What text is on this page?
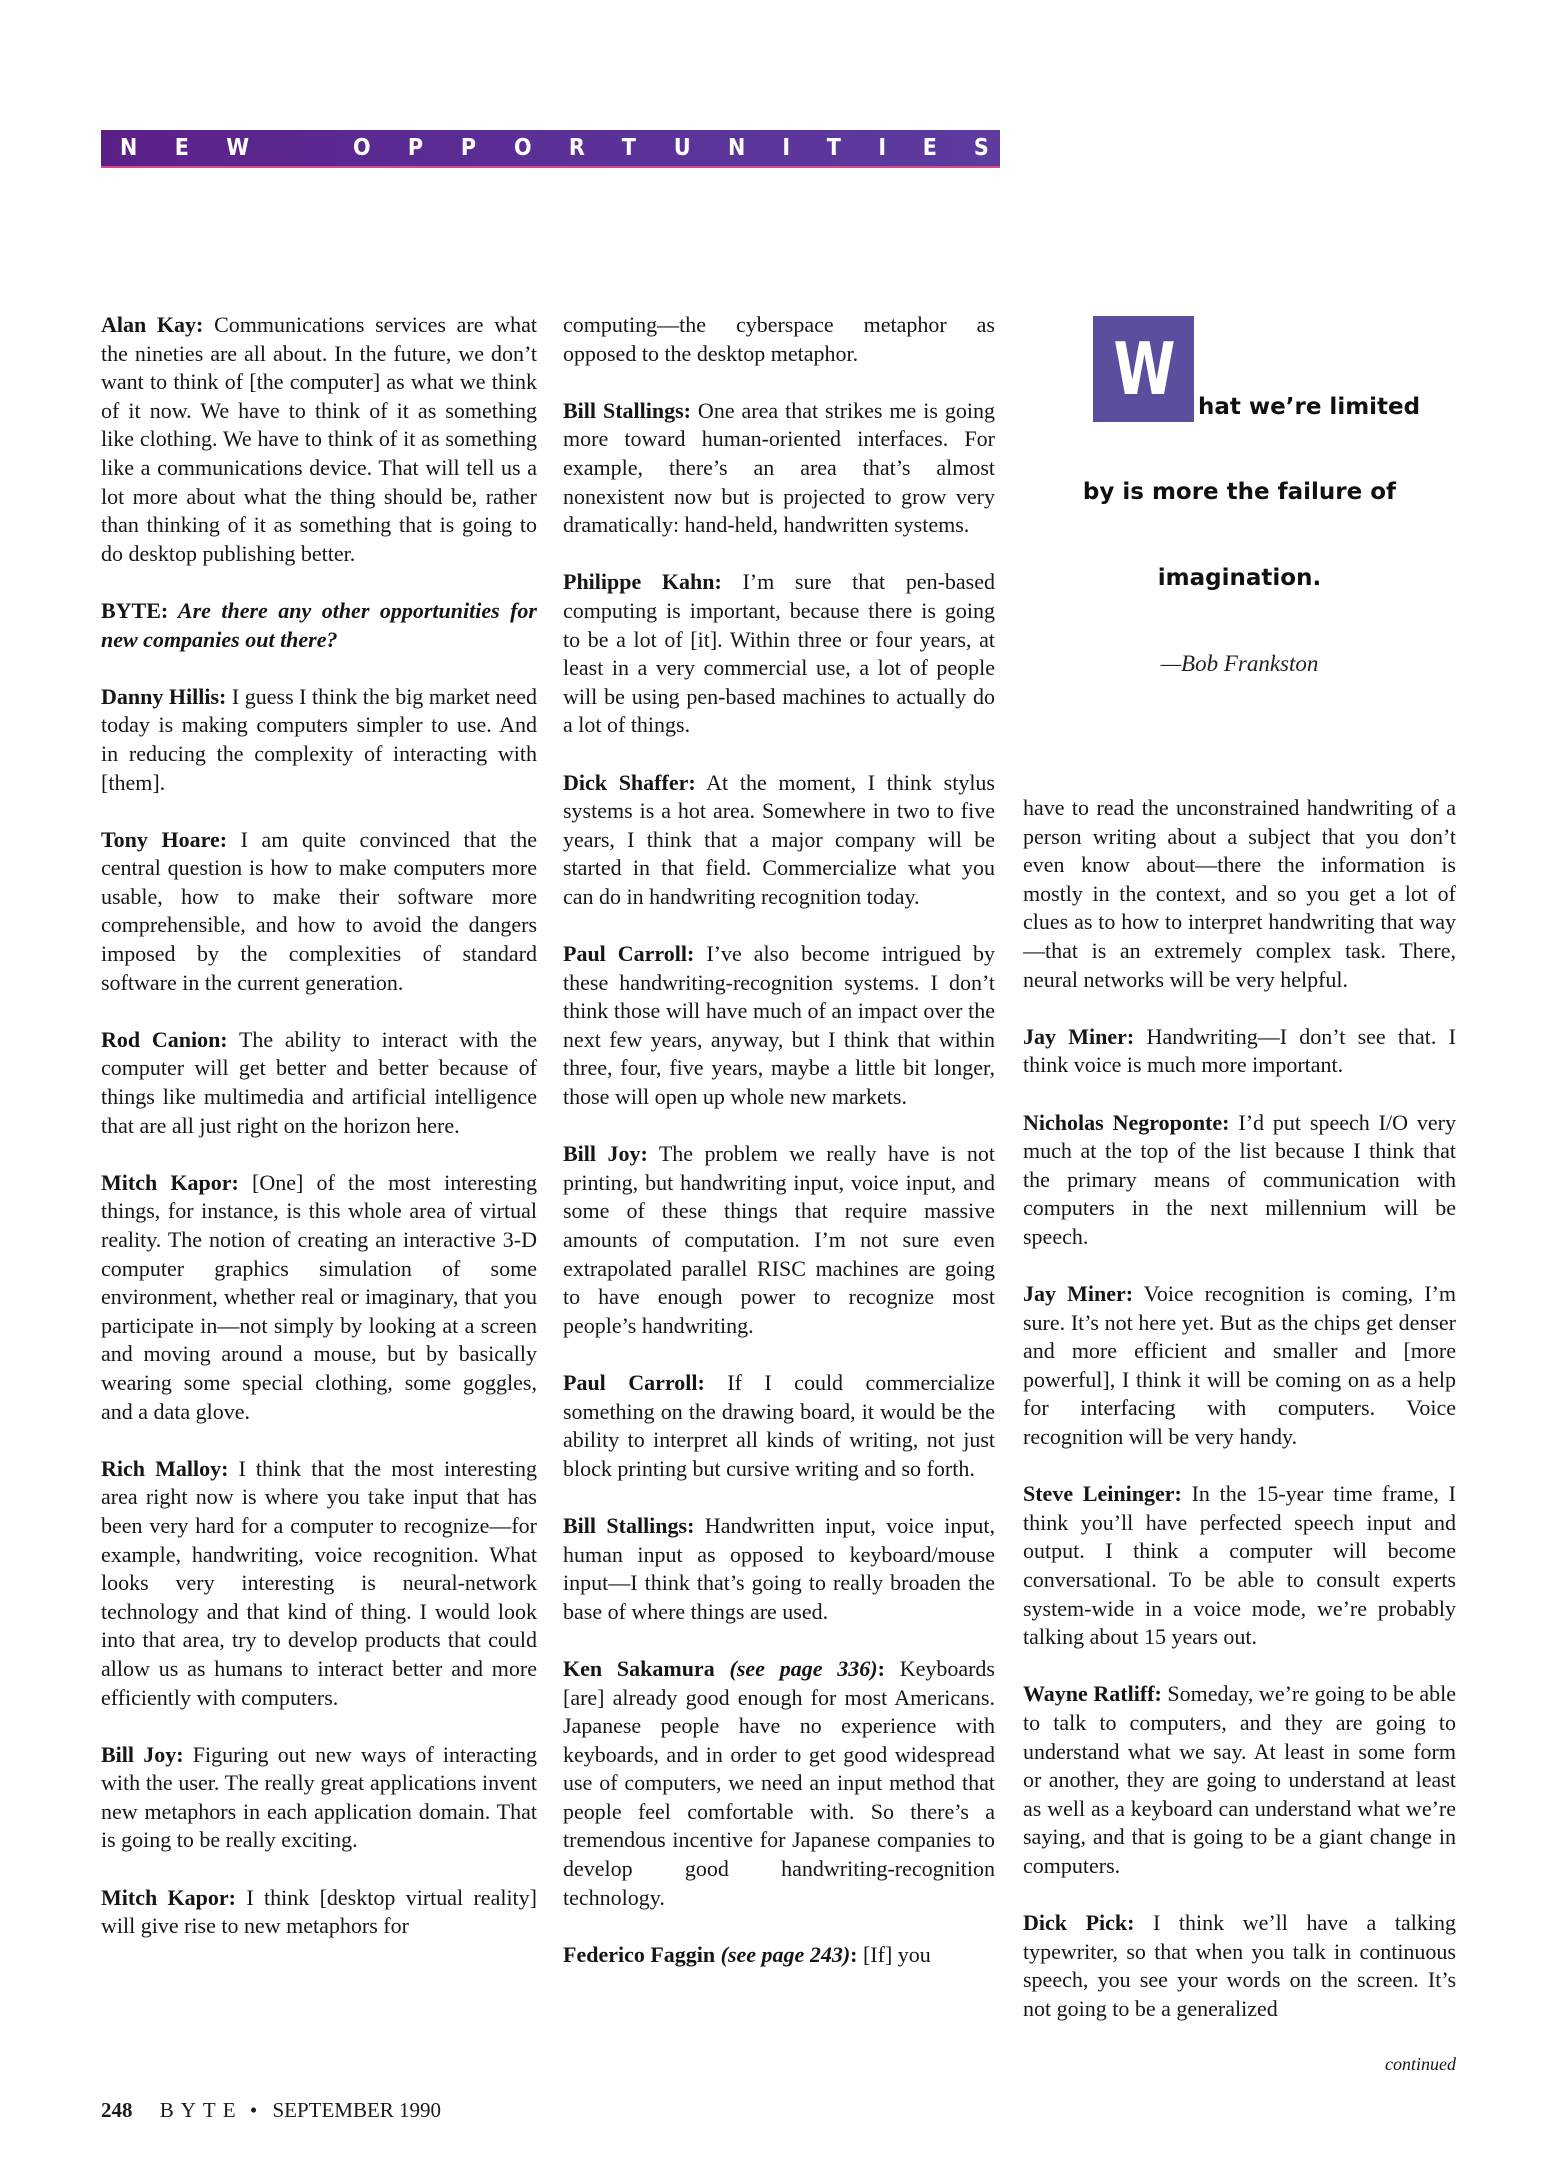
N E W	O P P O R T U N I T I E S
W	hat we’re limited
by is more the failure of
imagination.
—Bob Frankston

Alan Kay: Communications services are what the nineties are all about. In the future, we don’t want to think of [the computer] as what we think of it now. We have to think of it as something like clothing. We have to think of it as something like a communications device. That will tell us a lot more about what the thing should be, rather than thinking of it as something that is going to do desktop publishing better.

BYTE: Are there any other opportunities for new companies out there?

Danny Hillis: I guess I think the big market need today is making computers simpler to use. And in reducing the complexity of interacting with [them].

Tony Hoare: I am quite convinced that the central question is how to make computers more usable, how to make their software more comprehensible, and how to avoid the dangers imposed by the complexities of standard software in the current generation.

Rod Canion: The ability to interact with the computer will get better and better because of things like multimedia and artificial intelligence that are all just right on the horizon here.

Mitch Kapor: [One] of the most interesting things, for instance, is this whole area of virtual reality. The notion of creating an interactive 3-D computer graphics simulation of some environment, whether real or imaginary, that you participate in—not simply by looking at a screen and moving around a mouse, but by basically wearing some special clothing, some goggles, and a data glove.

Rich Malloy: I think that the most interesting area right now is where you take input that has been very hard for a computer to recognize—for example, handwriting, voice recognition. What looks very interesting is neural-network technology and that kind of thing. I would look into that area, try to develop products that could allow us as humans to interact better and more efficiently with computers.

Bill Joy: Figuring out new ways of interacting with the user. The really great applications invent new metaphors in each application domain. That is going to be really exciting.

Mitch Kapor: I think [desktop virtual reality] will give rise to new metaphors for

computing—the cyberspace metaphor as opposed to the desktop metaphor.

Bill Stallings: One area that strikes me is going more toward human-oriented interfaces. For example, there’s an area that’s almost nonexistent now but is projected to grow very dramatically: hand-held, handwritten systems.

Philippe Kahn: I’m sure that pen-based computing is important, because there is going to be a lot of [it]. Within three or four years, at least in a very commercial use, a lot of people will be using pen-based machines to actually do a lot of things.

Dick Shaffer: At the moment, I think stylus systems is a hot area. Somewhere in two to five years, I think that a major company will be started in that field. Commercialize what you can do in handwriting recognition today.

Paul Carroll: I’ve also become intrigued by these handwriting-recognition systems. I don’t think those will have much of an impact over the next few years, anyway, but I think that within three, four, five years, maybe a little bit longer, those will open up whole new markets.

Bill Joy: The problem we really have is not printing, but handwriting input, voice input, and some of these things that require massive amounts of computation. I’m not sure even extrapolated parallel RISC machines are going to have enough power to recognize most people’s handwriting.

Paul Carroll: If I could commercialize something on the drawing board, it would be the ability to interpret all kinds of writing, not just block printing but cursive writing and so forth.

Bill Stallings: Handwritten input, voice input, human input as opposed to keyboard/mouse input—I think that’s going to really broaden the base of where things are used.

Ken Sakamura (see page 336): Keyboards [are] already good enough for most Americans. Japanese people have no experience with keyboards, and in order to get good widespread use of computers, we need an input method that people feel comfortable with. So there’s a tremendous incentive for Japanese companies to develop good handwriting-recognition technology.

Federico Faggin (see page 243): [If] you

have to read the unconstrained handwriting of a person writing about a subject that you don’t even know about—there the information is mostly in the context, and so you get a lot of clues as to how to interpret handwriting that way—that is an extremely complex task. There, neural networks will be very helpful.

Jay Miner: Handwriting—I don’t see that. I think voice is much more important.

Nicholas Negroponte: I’d put speech I/O very much at the top of the list because I think that the primary means of communication with computers in the next millennium will be speech.

Jay Miner: Voice recognition is coming, I’m sure. It’s not here yet. But as the chips get denser and more efficient and smaller and [more powerful], I think it will be coming on as a help for interfacing with computers. Voice recognition will be very handy.

Steve Leininger: In the 15-year time frame, I think you’ll have perfected speech input and output. I think a computer will become conversational. To be able to consult experts system-wide in a voice mode, we’re probably talking about 15 years out.

Wayne Ratliff: Someday, we’re going to be able to talk to computers, and they are going to understand what we say. At least in some form or another, they are going to understand at least as well as a keyboard can understand what we’re saying, and that is going to be a giant change in computers.

Dick Pick: I think we’ll have a talking typewriter, so that when you talk in continuous speech, you see your words on the screen. It’s not going to be a generalized

continued
248 BYTE • SEPTEMBER 1990
